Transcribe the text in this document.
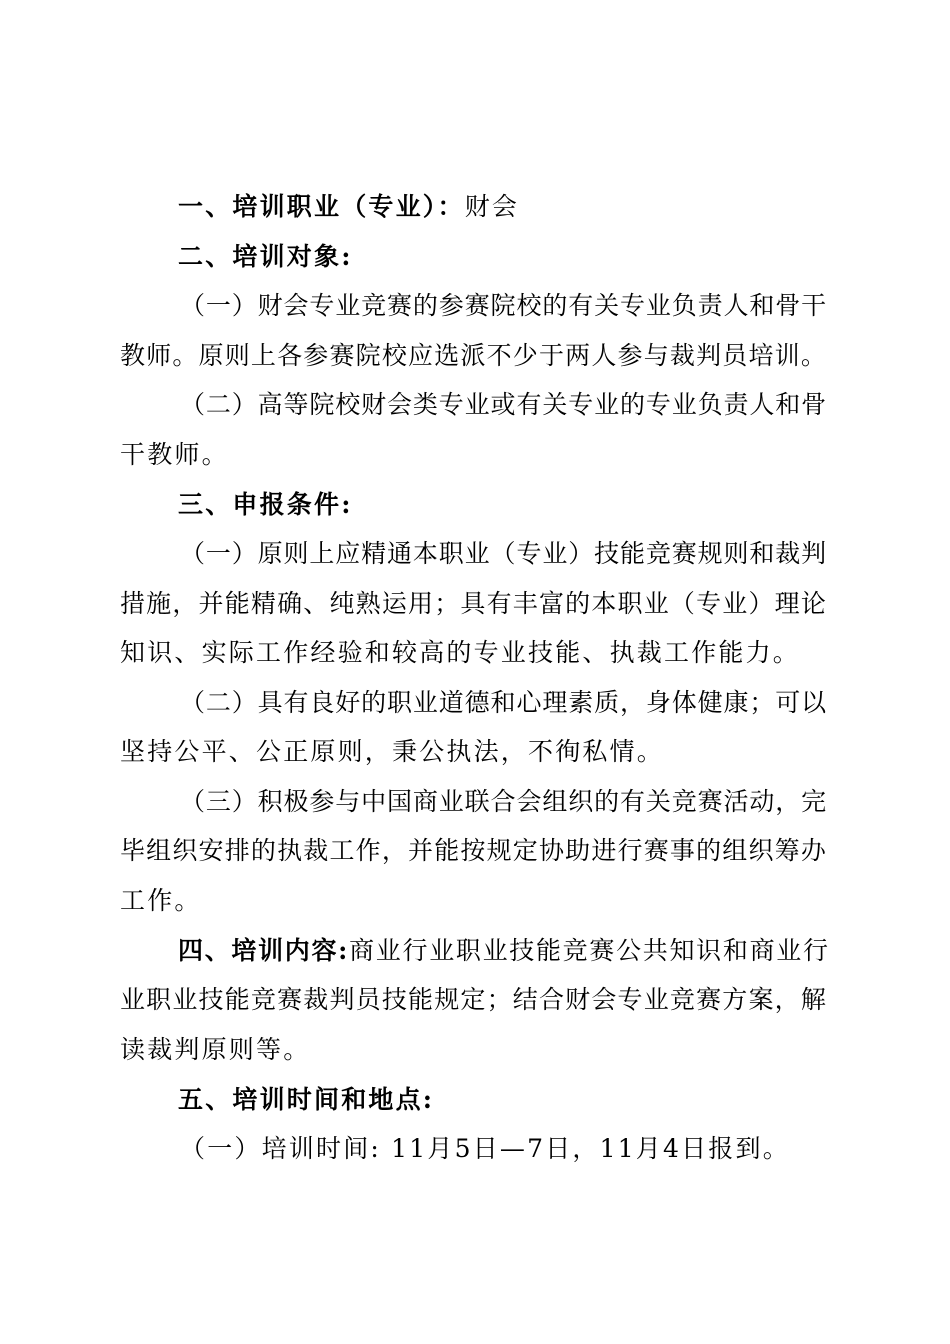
一、培训职业（专业）：财会
二、培训对象:
（一）财会专业竞赛的参赛院校的有关专业负责人和骨干
教师。原则上各参赛院校应选派不少于两人参与裁判员培训。
（二）高等院校财会类专业或有关专业的专业负责人和骨
干教师。
三、申报条件:
（一）原则上应精通本职业（专业）技能竞赛规则和裁判
措施，并能精确、纯熟运用；具有丰富的本职业（专业）理论
知识、实际工作经验和较高的专业技能、执裁工作能力。
（二）具有良好的职业道德和心理素质，身体健康；可以
坚持公平、公正原则，秉公执法，不徇私情。
（三）积极参与中国商业联合会组织的有关竞赛活动，完
毕组织安排的执裁工作，并能按规定协助进行赛事的组织筹办
工作。
四、培训内容:商业行业职业技能竞赛公共知识和商业行
业职业技能竞赛裁判员技能规定；结合财会专业竞赛方案，解
读裁判原则等。
五、培训时间和地点:
（一）培训时间: 11月5日—7日，11月4日报到。
